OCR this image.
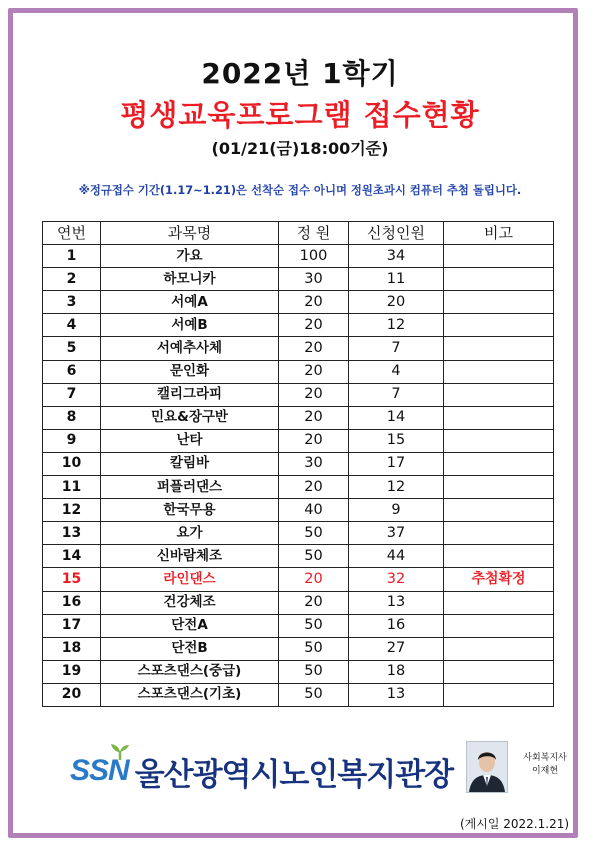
2022년 1학기
평생교육프로그램 접수현황
(01/21(금)18:00기준)
※정규접수 기간(1.17~1.21)은 선착순 접수 아니며 정원초과시 컴퓨터 추첨 돌립니다.
연번	과목명	정 원	신청인원	비고
1	가요	100	34	
2	하모니카	30	11	
3	서예A	20	20	
4	서예B	20	12	
5	서예추사체	20	7	
6	문인화	20	4	
7	캘리그라피	20	7	
8	민요&장구반	20	14	
9	난타	20	15	
10	칼림바	30	17	
11	퍼플러댄스	20	12	
12	한국무용	40	9	
13	요가	50	37	
14	신바람체조	50	44	
15	라인댄스	20	32	추첨확정
16	건강체조	20	13	
17	단전A	50	16	
18	단전B	50	27	
19	스포츠댄스(중급)	50	18	
20	스포츠댄스(기초)	50	13	
SSN 울산광역시노인복지관장	사회복지사
이재현
(게시일 2022.1.21)
